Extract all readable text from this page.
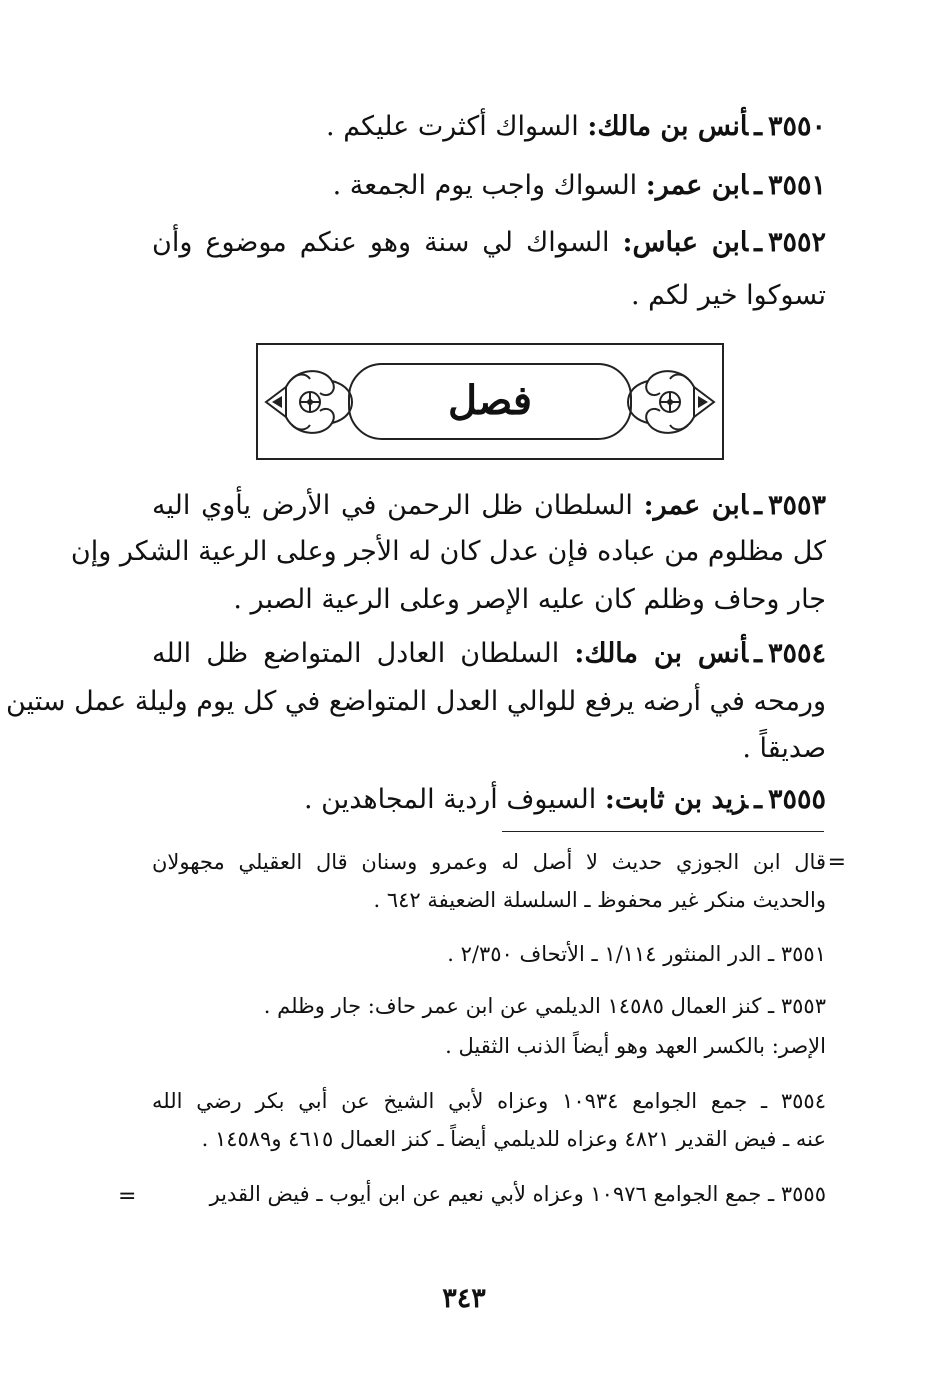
٣٥٥٠ـأنس بن مالك: السواك أكثرت عليكم .
٣٥٥١ـابن عمر: السواك واجب يوم الجمعة .
٣٥٥٢ـابن عباس: السواك لي سنة وهو عنكم موضوع وأن
تسوكوا خير لكم .
فصل
٣٥٥٣ـابن عمر: السلطان ظل الرحمن في الأرض يأوي اليه
كل مظلوم من عباده فإن عدل كان له الأجر وعلى الرعية الشكر وإن
جار وحاف وظلم كان عليه الإصر وعلى الرعية الصبر .
٣٥٥٤ـأنس بن مالك: السلطان العادل المتواضع ظل الله
ورمحه في أرضه يرفع للوالي العدل المتواضع في كل يوم وليلة عمل ستين
صديقاً .
٣٥٥٥ـزيد بن ثابت: السيوف أردية المجاهدين .
=
قال ابن الجوزي حديث لا أصل له وعمرو وسنان قال العقيلي مجهولان
والحديث منكر غير محفوظ ـ السلسلة الضعيفة ٦٤٢ .
٣٥٥١ ـ الدر المنثور ١/١١٤ ـ الأتحاف ٢/٣٥٠ .
٣٥٥٣ ـ كنز العمال ١٤٥٨٥ الديلمي عن ابن عمر حاف: جار وظلم .
الإصر: بالكسر العهد وهو أيضاً الذنب الثقيل .
٣٥٥٤ ـ جمع الجوامع ١٠٩٣٤ وعزاه لأبي الشيخ عن أبي بكر رضي الله
عنه ـ فيض القدير ٤٨٢١ وعزاه للديلمي أيضاً ـ كنز العمال ٤٦١٥ و١٤٥٨٩ .
٣٥٥٥ ـ جمع الجوامع ١٠٩٧٦ وعزاه لأبي نعيم عن ابن أيوب ـ فيض القدير
=
٣٤٣
